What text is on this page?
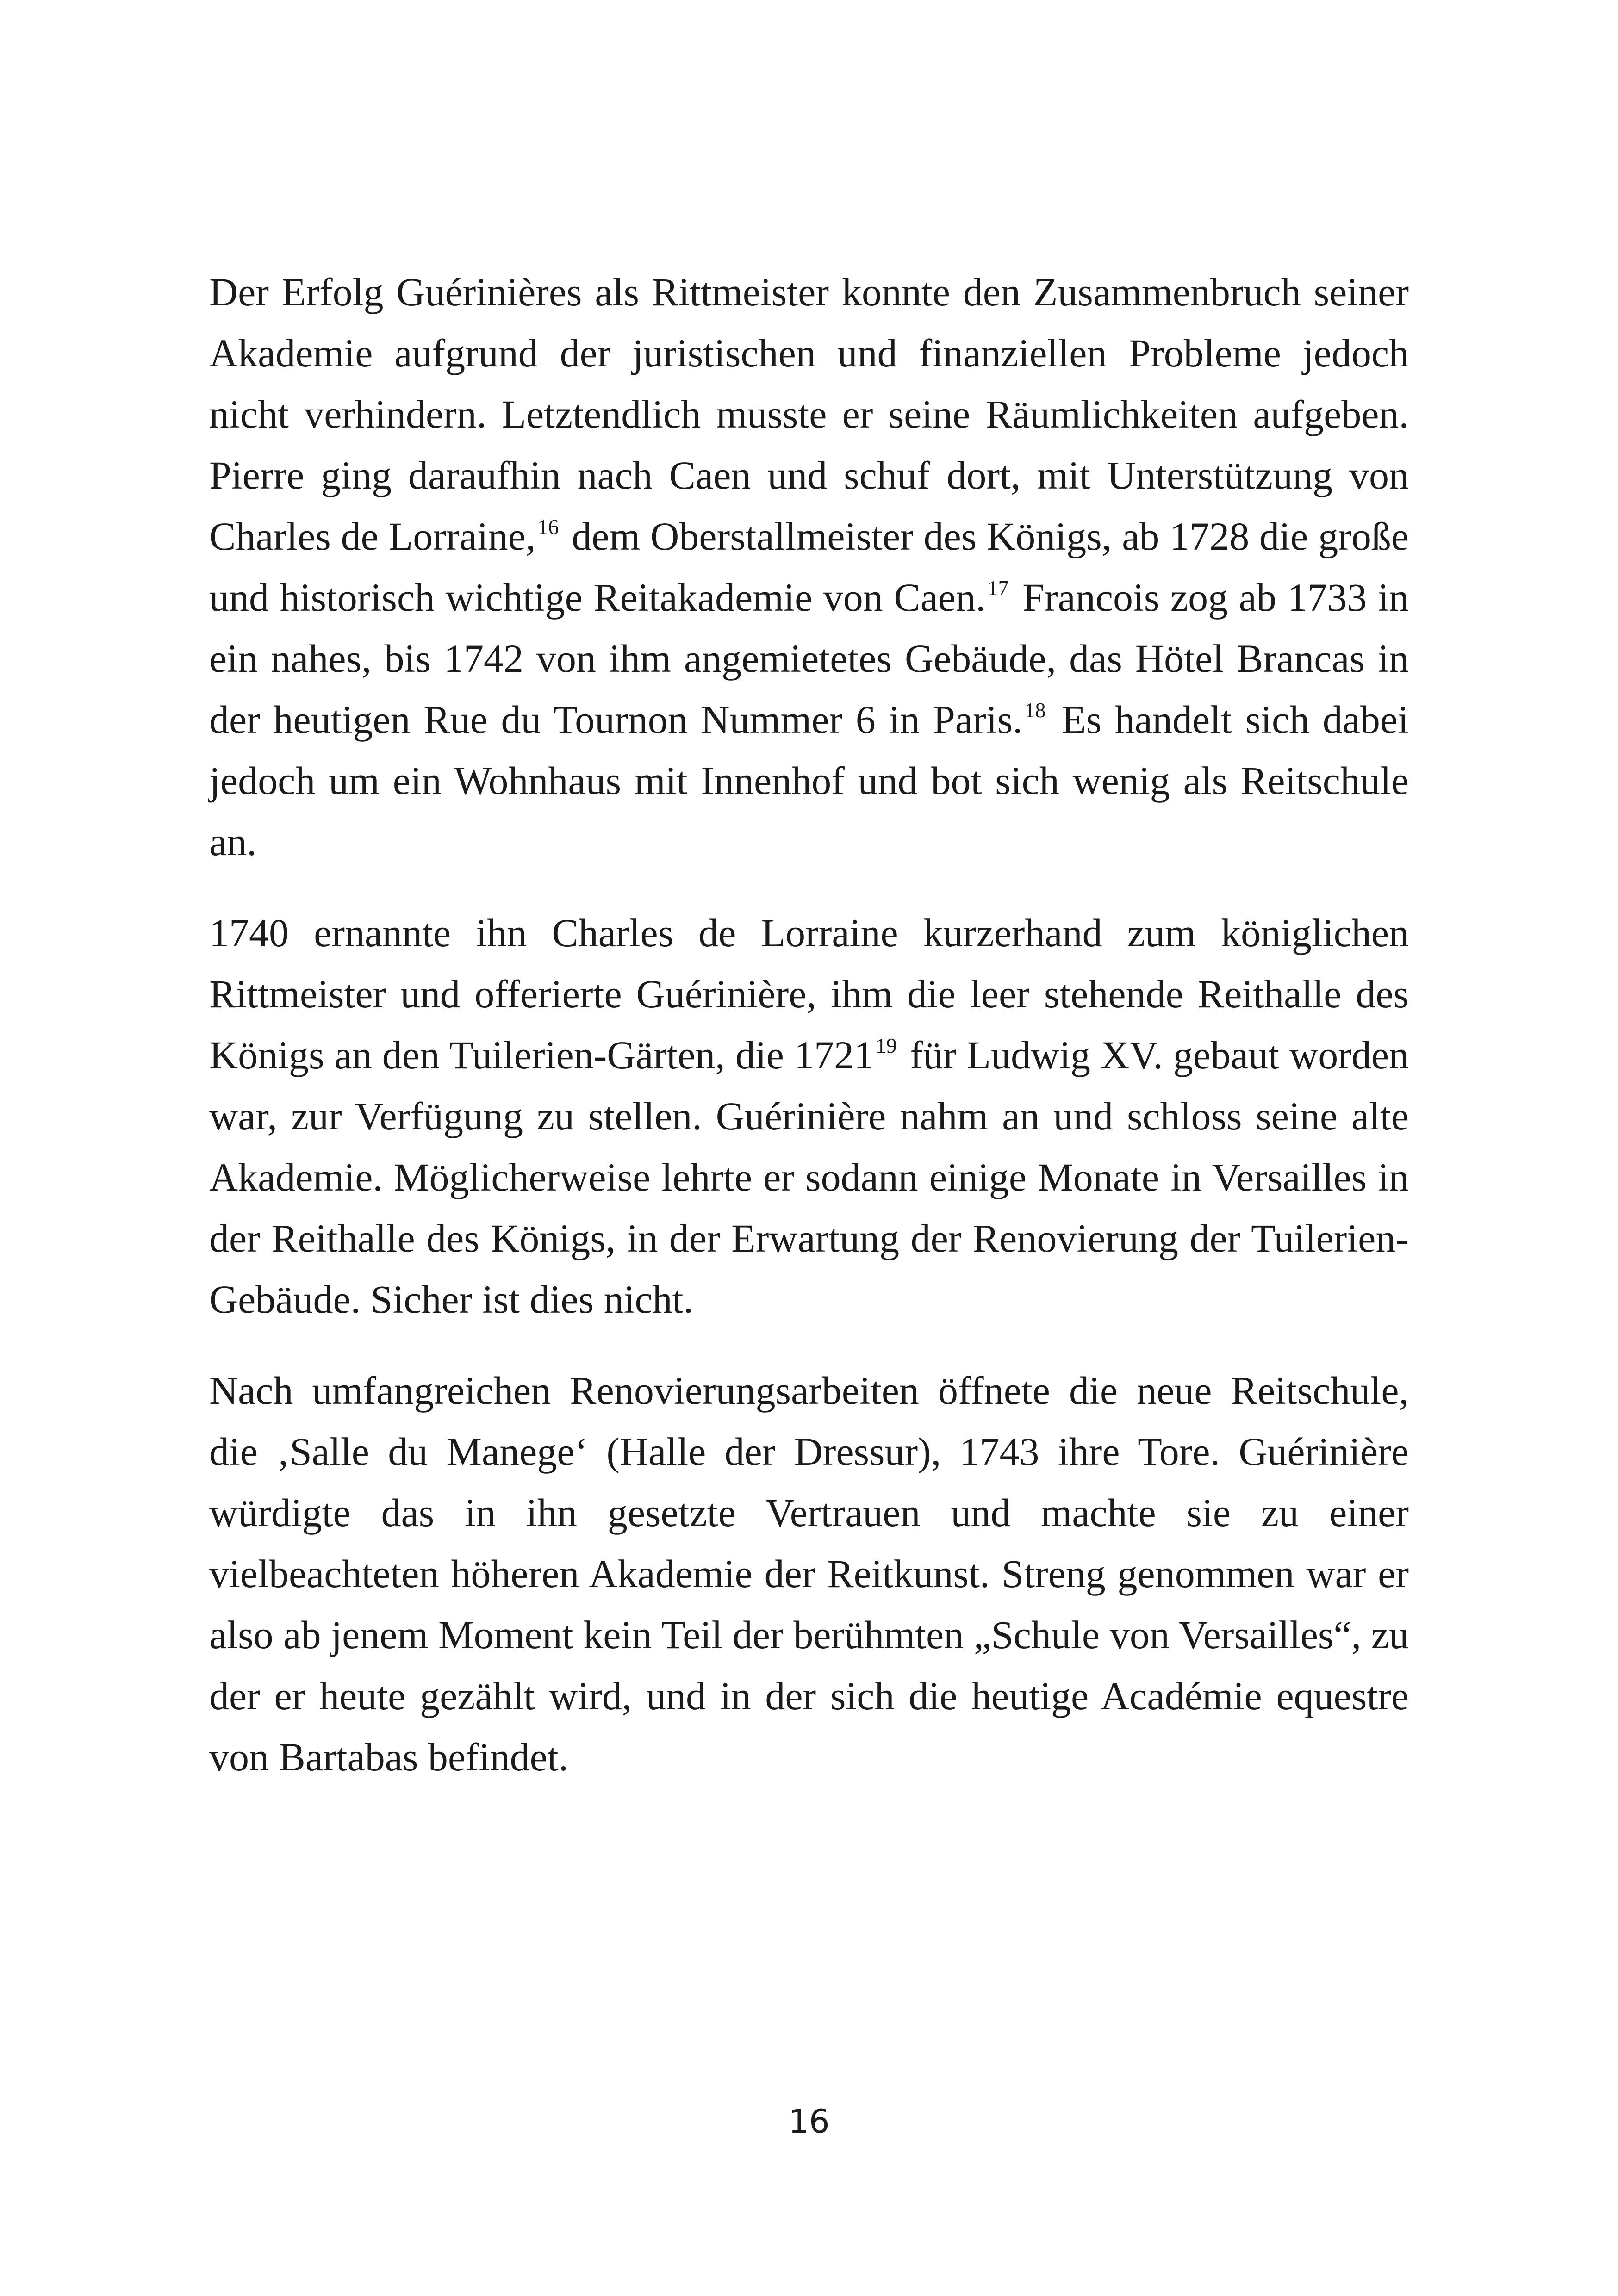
Der Erfolg Guérinières als Rittmeister konnte den Zusammenbruch seiner Akademie aufgrund der juristischen und finanziellen Probleme jedoch nicht verhindern. Letztendlich musste er seine Räumlichkeiten aufgeben. Pierre ging daraufhin nach Caen und schuf dort, mit Unterstützung von Charles de Lorraine,$^{16}$ dem Oberstallmeister des Königs, ab 1728 die große und historisch wichtige Reitakademie von Caen.$^{17}$ Francois zog ab 1733 in ein nahes, bis 1742 von ihm angemietetes Gebäude, das Hötel Brancas in der heutigen Rue du Tournon Nummer 6 in Paris.$^{18}$ Es handelt sich dabei jedoch um ein Wohnhaus mit Innenhof und bot sich wenig als Reitschule an.

1740 ernannte ihn Charles de Lorraine kurzerhand zum königlichen Rittmeister und offerierte Guérinière, ihm die leer stehende Reithalle des Königs an den Tuilerien-Gärten, die 1721$^{19}$ für Ludwig XV. gebaut worden war, zur Verfügung zu stellen. Guérinière nahm an und schloss seine alte Akademie. Möglicherweise lehrte er sodann einige Monate in Versailles in der Reithalle des Königs, in der Erwartung der Renovierung der Tuilerien-Gebäude. Sicher ist dies nicht.

Nach umfangreichen Renovierungsarbeiten öffnete die neue Reitschule, die ‚Salle du Manege‘ (Halle der Dressur), 1743 ihre Tore. Guérinière würdigte das in ihn gesetzte Vertrauen und machte sie zu einer vielbeachteten höheren Akademie der Reitkunst. Streng genommen war er also ab jenem Moment kein Teil der berühmten „Schule von Versailles“, zu der er heute gezählt wird, und in der sich die heutige Académie equestre von Bartabas befindet.

16
